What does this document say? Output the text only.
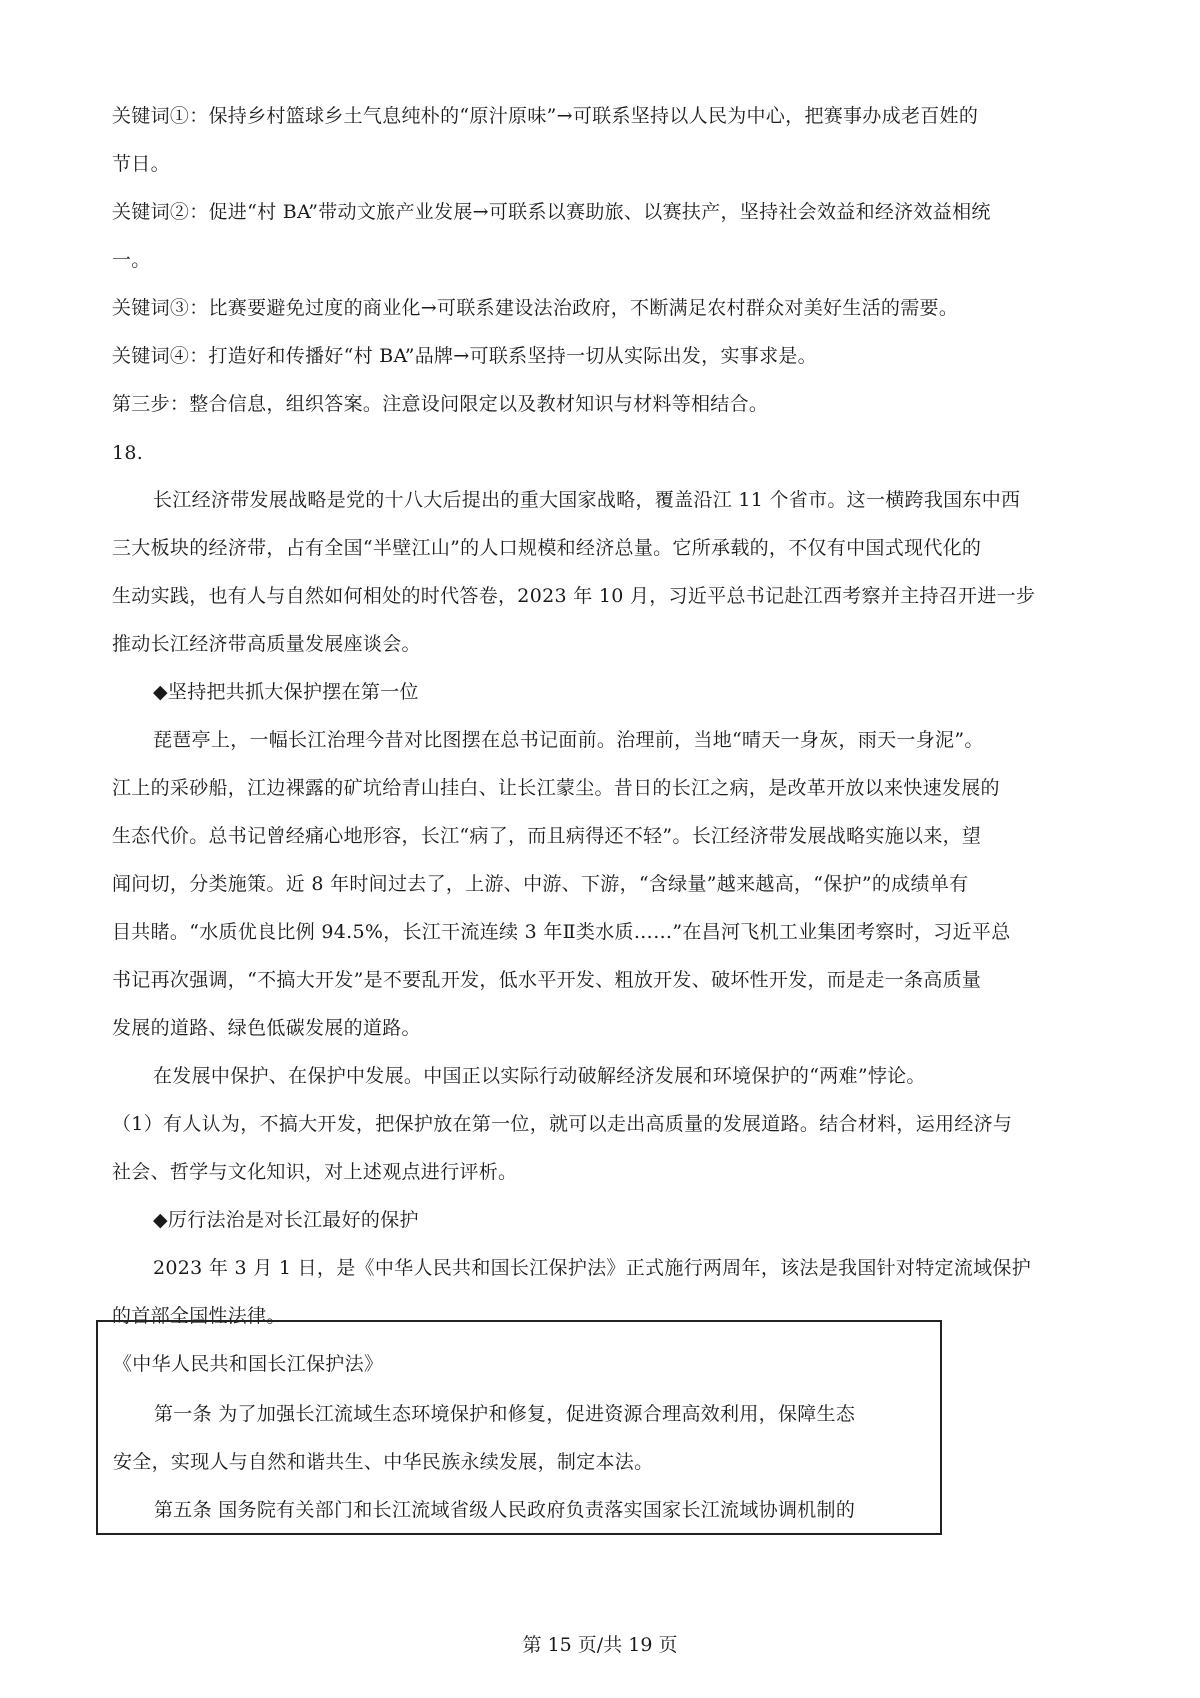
关键词①：保持乡村篮球乡土气息纯朴的“原汁原味”→可联系坚持以人民为中心，把赛事办成老百姓的
节日。
关键词②：促进“村 BA”带动文旅产业发展→可联系以赛助旅、以赛扶产，坚持社会效益和经济效益相统
一。
关键词③：比赛要避免过度的商业化→可联系建设法治政府，不断满足农村群众对美好生活的需要。
关键词④：打造好和传播好“村 BA”品牌→可联系坚持一切从实际出发，实事求是。
第三步：整合信息，组织答案。注意设问限定以及教材知识与材料等相结合。
18.
长江经济带发展战略是党的十八大后提出的重大国家战略，覆盖沿江 11 个省市。这一横跨我国东中西
三大板块的经济带，占有全国“半壁江山”的人口规模和经济总量。它所承载的，不仅有中国式现代化的
生动实践，也有人与自然如何相处的时代答卷，2023 年 10 月，习近平总书记赴江西考察并主持召开进一步
推动长江经济带高质量发展座谈会。
◆坚持把共抓大保护摆在第一位
琵琶亭上，一幅长江治理今昔对比图摆在总书记面前。治理前，当地“晴天一身灰，雨天一身泥”。
江上的采砂船，江边裸露的矿坑给青山挂白、让长江蒙尘。昔日的长江之病，是改革开放以来快速发展的
生态代价。总书记曾经痛心地形容，长江“病了，而且病得还不轻”。长江经济带发展战略实施以来，望
闻问切，分类施策。近 8 年时间过去了，上游、中游、下游，“含绿量”越来越高，“保护”的成绩单有
目共睹。“水质优良比例 94.5%，长江干流连续 3 年Ⅱ类水质……”在昌河飞机工业集团考察时，习近平总
书记再次强调，“不搞大开发”是不要乱开发，低水平开发、粗放开发、破坏性开发，而是走一条高质量
发展的道路、绿色低碳发展的道路。
在发展中保护、在保护中发展。中国正以实际行动破解经济发展和环境保护的“两难”悖论。
（1）有人认为，不搞大开发，把保护放在第一位，就可以走出高质量的发展道路。结合材料，运用经济与
社会、哲学与文化知识，对上述观点进行评析。
◆厉行法治是对长江最好的保护
2023 年 3 月 1 日，是《中华人民共和国长江保护法》正式施行两周年，该法是我国针对特定流域保护
的首部全国性法律。
《中华人民共和国长江保护法》
第一条 为了加强长江流域生态环境保护和修复，促进资源合理高效利用，保障生态
安全，实现人与自然和谐共生、中华民族永续发展，制定本法。
第五条 国务院有关部门和长江流域省级人民政府负责落实国家长江流域协调机制的
第 15 页/共 19 页
